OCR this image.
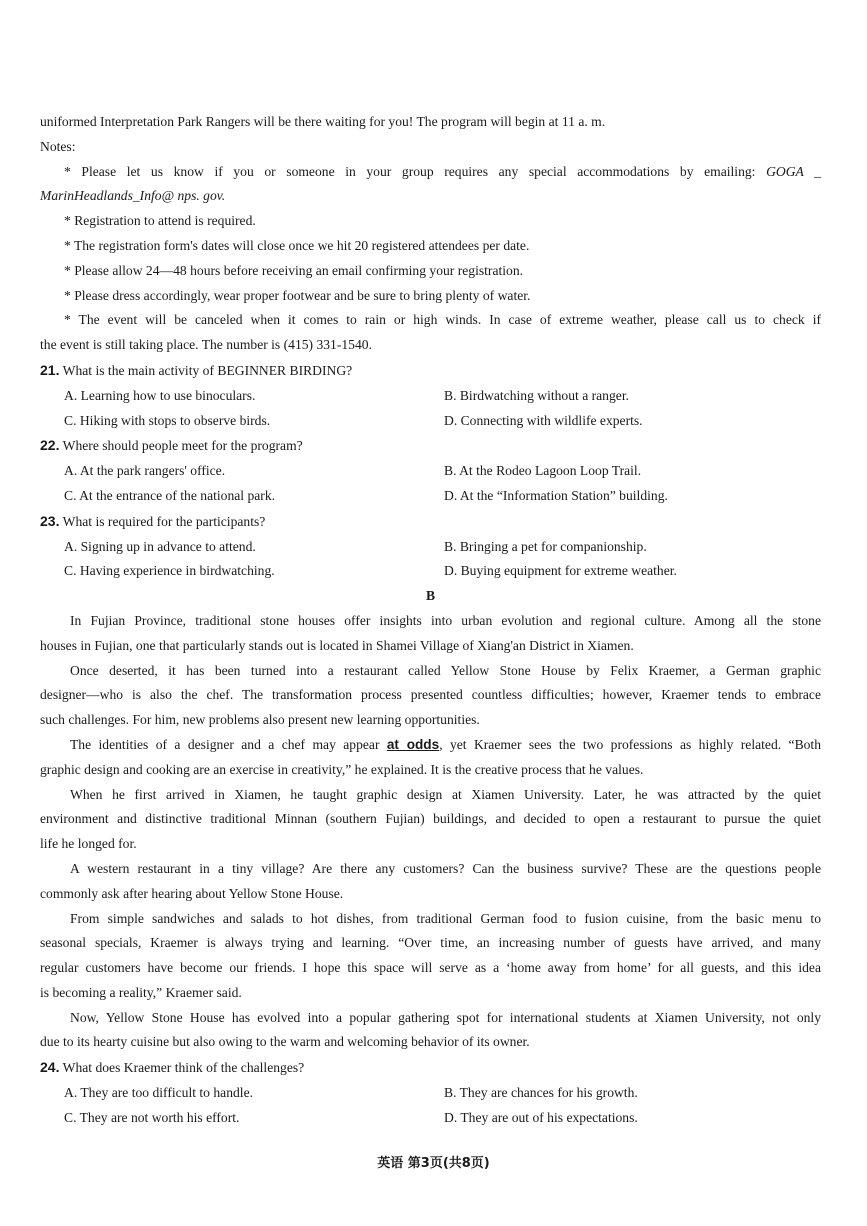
uniformed Interpretation Park Rangers will be there waiting for you! The program will begin at 11 a. m.
Notes:
* Please let us know if you or someone in your group requires any special accommodations by emailing: GOGA _
MarinHeadlands_Info@ nps. gov.
* Registration to attend is required.
* The registration form's dates will close once we hit 20 registered attendees per date.
* Please allow 24—48 hours before receiving an email confirming your registration.
* Please dress accordingly, wear proper footwear and be sure to bring plenty of water.
* The event will be canceled when it comes to rain or high winds. In case of extreme weather, please call us to check if
the event is still taking place. The number is (415) 331-1540.
21. What is the main activity of BEGINNER BIRDING?
A. Learning how to use binoculars.	B. Birdwatching without a ranger.
C. Hiking with stops to observe birds.	D. Connecting with wildlife experts.
22. Where should people meet for the program?
A. At the park rangers' office.	B. At the Rodeo Lagoon Loop Trail.
C. At the entrance of the national park.	D. At the “Information Station” building.
23. What is required for the participants?
A. Signing up in advance to attend.	B. Bringing a pet for companionship.
C. Having experience in birdwatching.	D. Buying equipment for extreme weather.
B
In Fujian Province, traditional stone houses offer insights into urban evolution and regional culture. Among all the stone
houses in Fujian, one that particularly stands out is located in Shamei Village of Xiang'an District in Xiamen.
Once deserted, it has been turned into a restaurant called Yellow Stone House by Felix Kraemer, a German graphic
designer—who is also the chef. The transformation process presented countless difficulties; however, Kraemer tends to embrace
such challenges. For him, new problems also present new learning opportunities.
The identities of a designer and a chef may appear at odds, yet Kraemer sees the two professions as highly related. “Both
graphic design and cooking are an exercise in creativity,” he explained. It is the creative process that he values.
When he first arrived in Xiamen, he taught graphic design at Xiamen University. Later, he was attracted by the quiet
environment and distinctive traditional Minnan (southern Fujian) buildings, and decided to open a restaurant to pursue the quiet
life he longed for.
A western restaurant in a tiny village? Are there any customers? Can the business survive? These are the questions people
commonly ask after hearing about Yellow Stone House.
From simple sandwiches and salads to hot dishes, from traditional German food to fusion cuisine, from the basic menu to
seasonal specials, Kraemer is always trying and learning. “Over time, an increasing number of guests have arrived, and many
regular customers have become our friends. I hope this space will serve as a ‘home away from home’ for all guests, and this idea
is becoming a reality,” Kraemer said.
Now, Yellow Stone House has evolved into a popular gathering spot for international students at Xiamen University, not only
due to its hearty cuisine but also owing to the warm and welcoming behavior of its owner.
24. What does Kraemer think of the challenges?
A. They are too difficult to handle.	B. They are chances for his growth.
C. They are not worth his effort.	D. They are out of his expectations.
英语 第3页(共8页)
